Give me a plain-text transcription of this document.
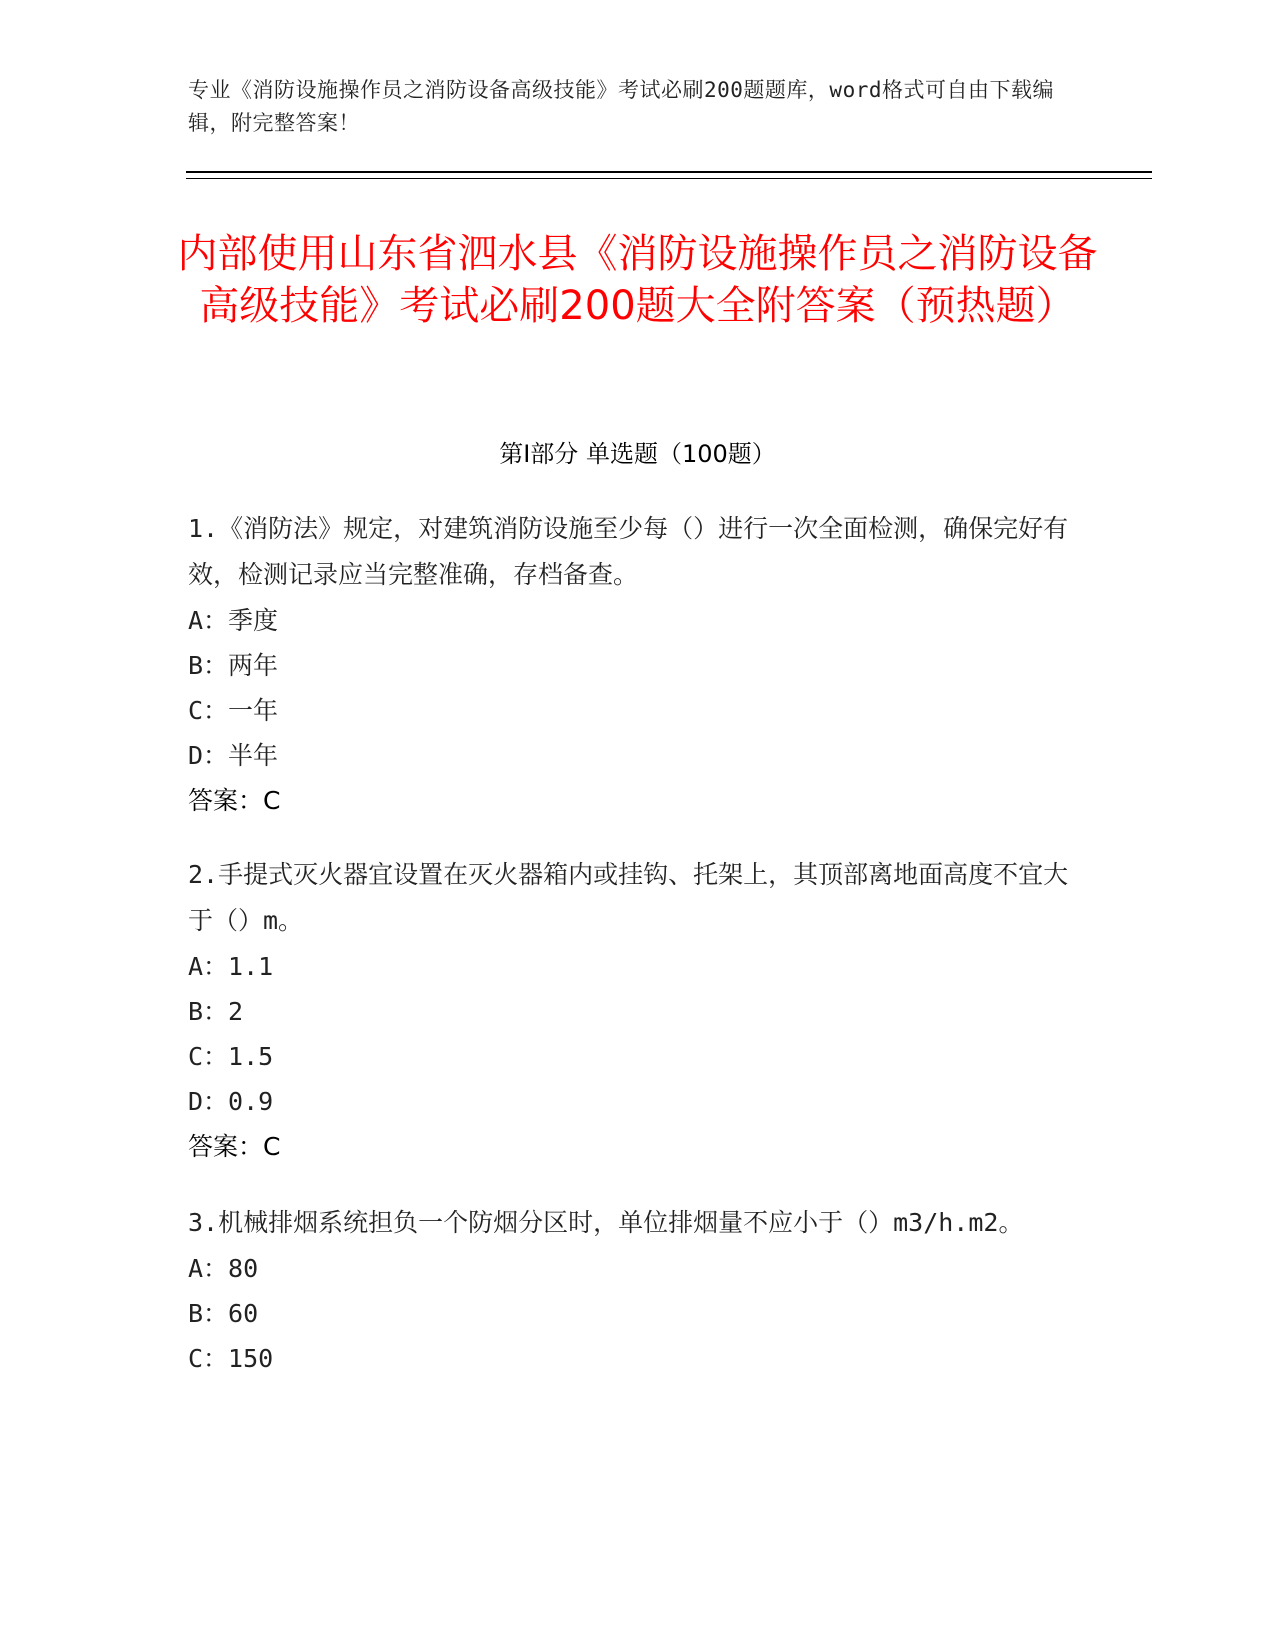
专业《消防设施操作员之消防设备高级技能》考试必刷200题题库，word格式可自由下载编辑，附完整答案！
内部使用山东省泗水县《消防设施操作员之消防设备高级技能》考试必刷200题大全附答案（预热题）
第Ⅰ部分 单选题（100题）

1.《消防法》规定，对建筑消防设施至少每（）进行一次全面检测，确保完好有效，检测记录应当完整准确，存档备查。

A：季度

B：两年

C：一年

D：半年

答案：C

2.手提式灭火器宜设置在灭火器箱内或挂钩、托架上，其顶部离地面高度不宜大于（）m。

A：1.1

B：2

C：1.5

D：0.9

答案：C

3.机械排烟系统担负一个防烟分区时，单位排烟量不应小于（）m3/h.m2。

A：80

B：60

C：150
